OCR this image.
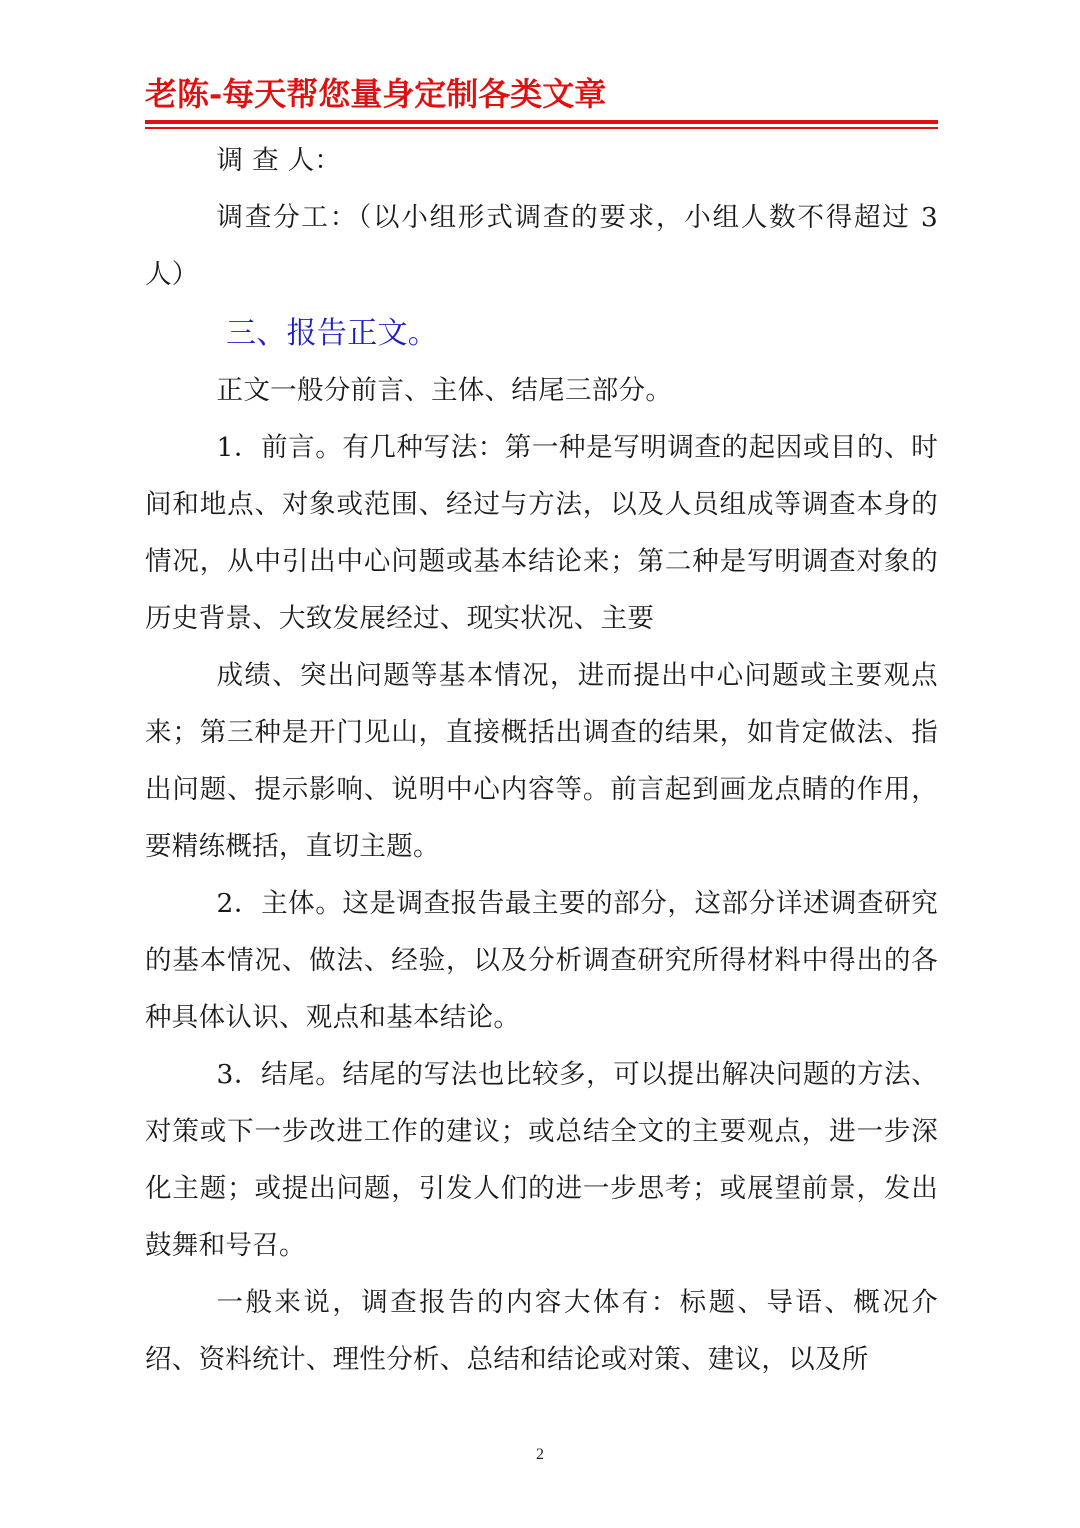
老陈-每天帮您量身定制各类文章

调 查 人：

调查分工：（以小组形式调查的要求，小组人数不得超过 3 人）

三、报告正文。

正文一般分前言、主体、结尾三部分。

1．前言。有几种写法：第一种是写明调查的起因或目的、时间和地点、对象或范围、经过与方法，以及人员组成等调查本身的情况，从中引出中心问题或基本结论来；第二种是写明调查对象的历史背景、大致发展经过、现实状况、主要

成绩、突出问题等基本情况，进而提出中心问题或主要观点来；第三种是开门见山，直接概括出调查的结果，如肯定做法、指出问题、提示影响、说明中心内容等。前言起到画龙点睛的作用，要精练概括，直切主题。

2．主体。这是调查报告最主要的部分，这部分详述调查研究的基本情况、做法、经验，以及分析调查研究所得材料中得出的各种具体认识、观点和基本结论。

3．结尾。结尾的写法也比较多，可以提出解决问题的方法、对策或下一步改进工作的建议；或总结全文的主要观点，进一步深化主题；或提出问题，引发人们的进一步思考；或展望前景，发出鼓舞和号召。

一般来说，调查报告的内容大体有：标题、导语、概况介绍、资料统计、理性分析、总结和结论或对策、建议，以及所

2
